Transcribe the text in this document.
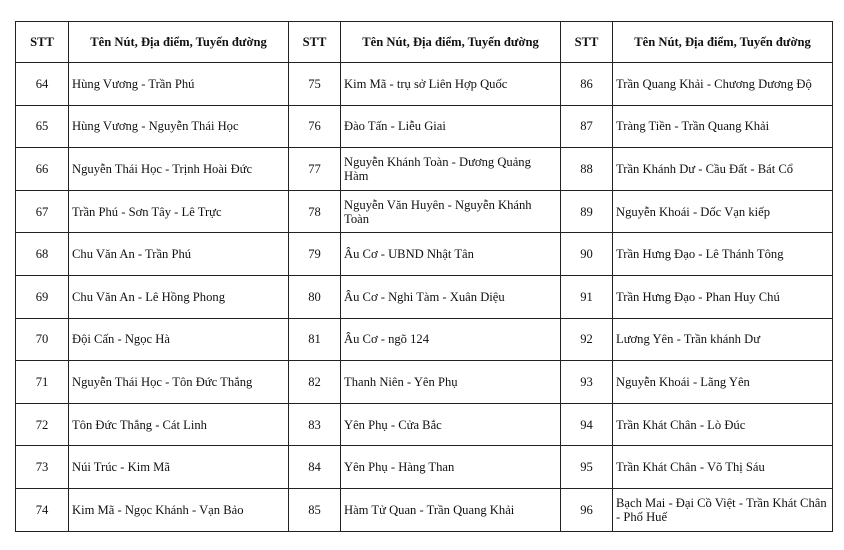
STT	Tên Nút, Địa điểm, Tuyến đường	STT	Tên Nút, Địa điểm, Tuyến đường	STT	Tên Nút, Địa điểm, Tuyến đường
64	Hùng Vương - Trần Phú	75	Kim Mã - trụ sở Liên Hợp Quốc	86	Trần Quang Khải - Chương Dương Độ
65	Hùng Vương - Nguyễn Thái Học	76	Đào Tấn - Liễu Giai	87	Tràng Tiền - Trần Quang Khải
66	Nguyễn Thái Học - Trịnh Hoài Đức	77	Nguyễn Khánh Toàn - Dương Quảng Hàm	88	Trần Khánh Dư - Cầu Đất - Bát Cổ
67	Trần Phú - Sơn Tây - Lê Trực	78	Nguyễn Văn Huyên - Nguyễn Khánh Toàn	89	Nguyễn Khoái - Dốc Vạn kiếp
68	Chu Văn An - Trần Phú	79	Âu Cơ - UBND Nhật Tân	90	Trần Hưng Đạo - Lê Thánh Tông
69	Chu Văn An - Lê Hồng Phong	80	Âu Cơ - Nghi Tàm - Xuân Diệu	91	Trần Hưng Đạo - Phan Huy Chú
70	Đội Cấn - Ngọc Hà	81	Âu Cơ - ngõ 124	92	Lương Yên - Trần khánh Dư
71	Nguyễn Thái Học - Tôn Đức Thắng	82	Thanh Niên - Yên Phụ	93	Nguyễn Khoái - Lãng Yên
72	Tôn Đức Thắng - Cát Linh	83	Yên Phụ - Cửa Bắc	94	Trần Khát Chân - Lò Đúc
73	Núi Trúc - Kim Mã	84	Yên Phụ - Hàng Than	95	Trần Khát Chân - Võ Thị Sáu
74	Kim Mã - Ngọc Khánh - Vạn Bảo	85	Hàm Tử Quan - Trần Quang Khải	96	Bạch Mai - Đại Cồ Việt - Trần Khát Chân - Phố Huế
